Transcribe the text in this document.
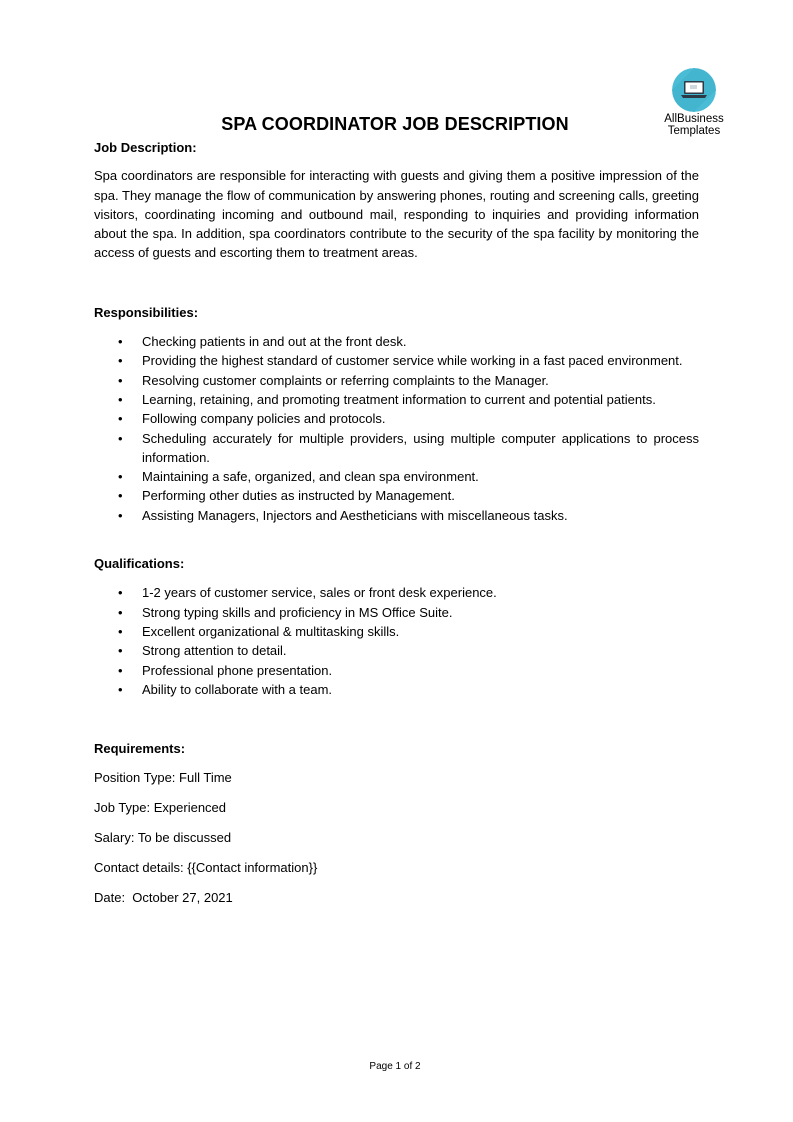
AllBusiness
Templates
SPA COORDINATOR JOB DESCRIPTION

Job Description:

Spa coordinators are responsible for interacting with guests and giving them a positive impression of the spa. They manage the flow of communication by answering phones, routing and screening calls, greeting visitors, coordinating incoming and outbound mail, responding to inquiries and providing information about the spa. In addition, spa coordinators contribute to the security of the spa facility by monitoring the access of guests and escorting them to treatment areas.

Responsibilities:

• Checking patients in and out at the front desk.
• Providing the highest standard of customer service while working in a fast paced environment.
• Resolving customer complaints or referring complaints to the Manager.
• Learning, retaining, and promoting treatment information to current and potential patients.
• Following company policies and protocols.
• Scheduling accurately for multiple providers, using multiple computer applications to process information.
• Maintaining a safe, organized, and clean spa environment.
• Performing other duties as instructed by Management.
• Assisting Managers, Injectors and Aestheticians with miscellaneous tasks.

Qualifications:

• 1-2 years of customer service, sales or front desk experience.
• Strong typing skills and proficiency in MS Office Suite.
• Excellent organizational & multitasking skills.
• Strong attention to detail.
• Professional phone presentation.
• Ability to collaborate with a team.

Requirements:

Position Type: Full Time

Job Type: Experienced

Salary: To be discussed

Contact details: {{Contact information}}

Date:  October 27, 2021

Page 1 of 2
